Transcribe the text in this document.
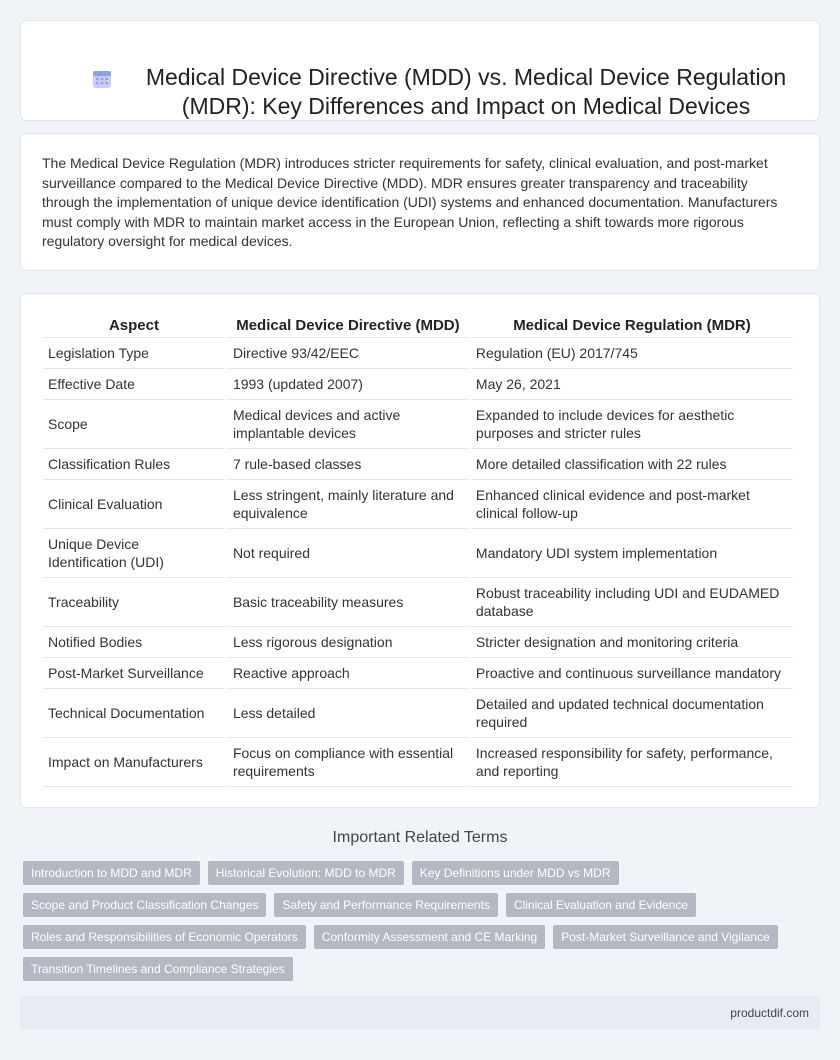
Medical Device Directive (MDD) vs. Medical Device Regulation (MDR): Key Differences and Impact on Medical Devices

The Medical Device Regulation (MDR) introduces stricter requirements for safety, clinical evaluation, and post-market surveillance compared to the Medical Device Directive (MDD). MDR ensures greater transparency and traceability through the implementation of unique device identification (UDI) systems and enhanced documentation. Manufacturers must comply with MDR to maintain market access in the European Union, reflecting a shift towards more rigorous regulatory oversight for medical devices.

Aspect	Medical Device Directive (MDD)	Medical Device Regulation (MDR)
Legislation Type	Directive 93/42/EEC	Regulation (EU) 2017/745
Effective Date	1993 (updated 2007)	May 26, 2021
Scope	Medical devices and active implantable devices	Expanded to include devices for aesthetic purposes and stricter rules
Classification Rules	7 rule-based classes	More detailed classification with 22 rules
Clinical Evaluation	Less stringent, mainly literature and equivalence	Enhanced clinical evidence and post-market clinical follow-up
Unique Device Identification (UDI)	Not required	Mandatory UDI system implementation
Traceability	Basic traceability measures	Robust traceability including UDI and EUDAMED database
Notified Bodies	Less rigorous designation	Stricter designation and monitoring criteria
Post-Market Surveillance	Reactive approach	Proactive and continuous surveillance mandatory
Technical Documentation	Less detailed	Detailed and updated technical documentation required
Impact on Manufacturers	Focus on compliance with essential requirements	Increased responsibility for safety, performance, and reporting
Important Related Terms
Introduction to MDD and MDR	Historical Evolution: MDD to MDR	Key Definitions under MDD vs MDR
Scope and Product Classification Changes	Safety and Performance Requirements	Clinical Evaluation and Evidence
Roles and Responsibilities of Economic Operators	Conformity Assessment and CE Marking	Post-Market Surveillance and Vigilance
Transition Timelines and Compliance Strategies
productdif.com
